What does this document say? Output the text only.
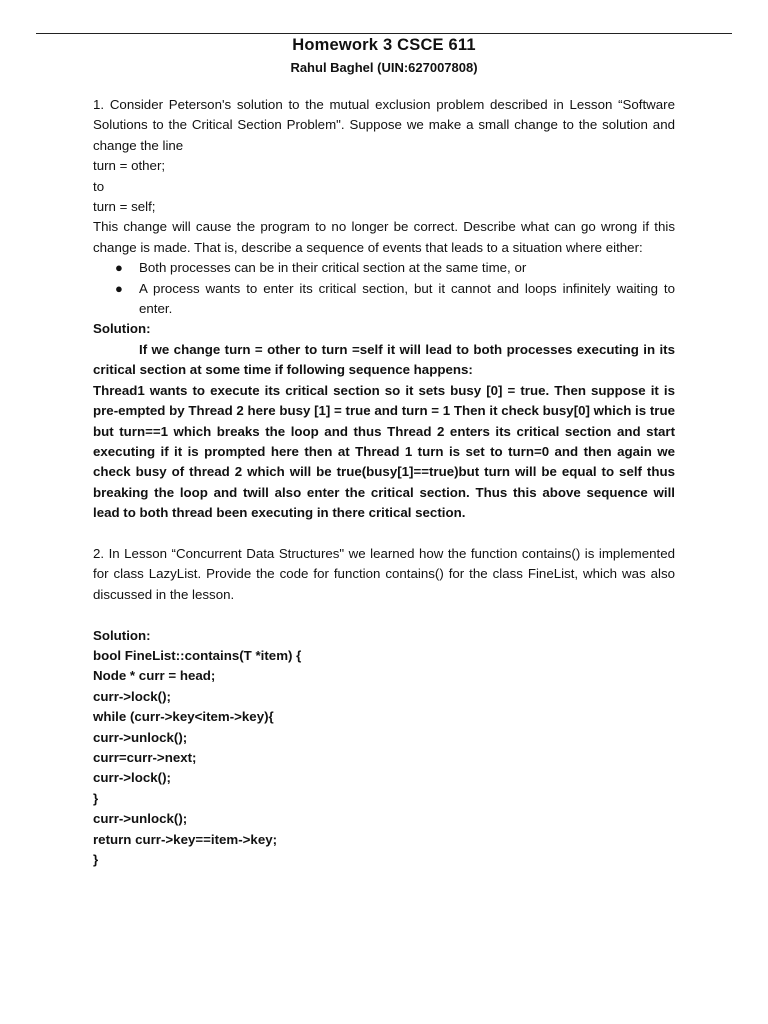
Homework 3 CSCE 611
Rahul Baghel (UIN:627007808)

1. Consider Peterson's solution to the mutual exclusion problem described in Lesson “Software Solutions to the Critical Section Problem". Suppose we make a small change to the solution and change the line

turn = other;

to

turn = self;

This change will cause the program to no longer be correct. Describe what can go wrong if this change is made. That is, describe a sequence of events that leads to a situation where either:

● Both processes can be in their critical section at the same time, or
● A process wants to enter its critical section, but it cannot and loops infinitely waiting to enter.

Solution:

If we change turn = other to turn =self it will lead to both processes executing in its critical section at some time if following sequence happens:

Thread1 wants to execute its critical section so it sets busy [0] = true. Then suppose it is pre-empted by Thread 2 here busy [1] = true and turn = 1 Then it check busy[0] which is true but turn==1 which breaks the loop and thus Thread 2 enters its critical section and start executing if it is prompted here then at Thread 1 turn is set to turn=0 and then again we check busy of thread 2 which will be true(busy[1]==true)but turn will be equal to self thus breaking the loop and twill also enter the critical section. Thus this above sequence will lead to both thread been executing in there critical section.

2. In Lesson “Concurrent Data Structures" we learned how the function contains() is implemented for class LazyList. Provide the code for function contains() for the class FineList, which was also discussed in the lesson.

Solution:

bool FineList::contains(T *item) {

Node * curr = head;

curr->lock();

while (curr->key<item->key){

curr->unlock();

curr=curr->next;

curr->lock();

}

curr->unlock();

return curr->key==item->key;

}
